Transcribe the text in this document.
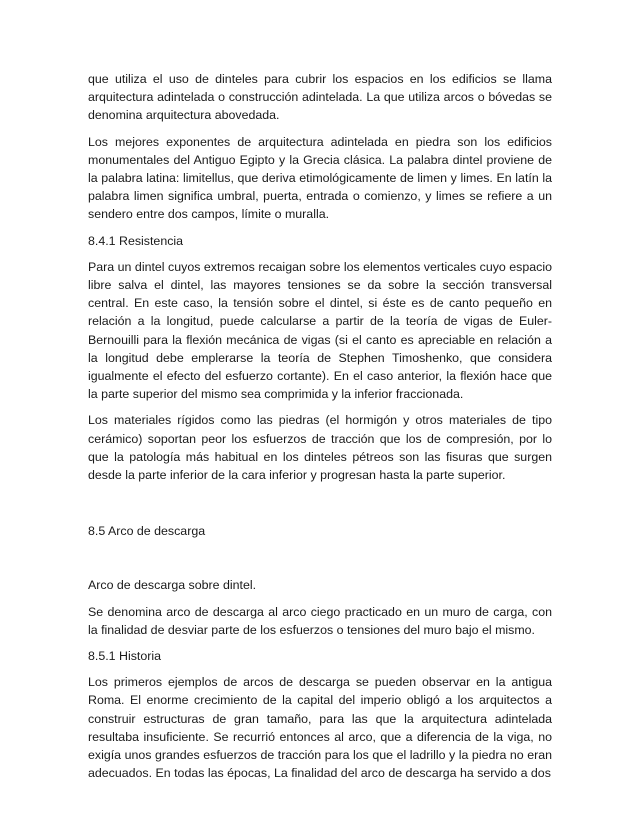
que utiliza el uso de dinteles para cubrir los espacios en los edificios se llama arquitectura adintelada o construcción adintelada. La que utiliza arcos o bóvedas se denomina arquitectura abovedada.

Los mejores exponentes de arquitectura adintelada en piedra son los edificios monumentales del Antiguo Egipto y la Grecia clásica. La palabra dintel proviene de la palabra latina: limitellus, que deriva etimológicamente de limen y limes. En latín la palabra limen significa umbral, puerta, entrada o comienzo, y limes se refiere a un sendero entre dos campos, límite o muralla.

8.4.1 Resistencia

Para un dintel cuyos extremos recaigan sobre los elementos verticales cuyo espacio libre salva el dintel, las mayores tensiones se da sobre la sección transversal central. En este caso, la tensión sobre el dintel, si éste es de canto pequeño en relación a la longitud, puede calcularse a partir de la teoría de vigas de Euler-Bernouilli para la flexión mecánica de vigas (si el canto es apreciable en relación a la longitud debe emplerarse la teoría de Stephen Timoshenko, que considera igualmente el efecto del esfuerzo cortante). En el caso anterior, la flexión hace que la parte superior del mismo sea comprimida y la inferior fraccionada.

Los materiales rígidos como las piedras (el hormigón y otros materiales de tipo cerámico) soportan peor los esfuerzos de tracción que los de compresión, por lo que la patología más habitual en los dinteles pétreos son las fisuras que surgen desde la parte inferior de la cara inferior y progresan hasta la parte superior.

8.5 Arco de descarga

Arco de descarga sobre dintel.

Se denomina arco de descarga al arco ciego practicado en un muro de carga, con la finalidad de desviar parte de los esfuerzos o tensiones del muro bajo el mismo.

8.5.1 Historia

Los primeros ejemplos de arcos de descarga se pueden observar en la antigua Roma. El enorme crecimiento de la capital del imperio obligó a los arquitectos a construir estructuras de gran tamaño, para las que la arquitectura adintelada resultaba insuficiente. Se recurrió entonces al arco, que a diferencia de la viga, no exigía unos grandes esfuerzos de tracción para los que el ladrillo y la piedra no eran adecuados. En todas las épocas, La finalidad del arco de descarga ha servido a dos
